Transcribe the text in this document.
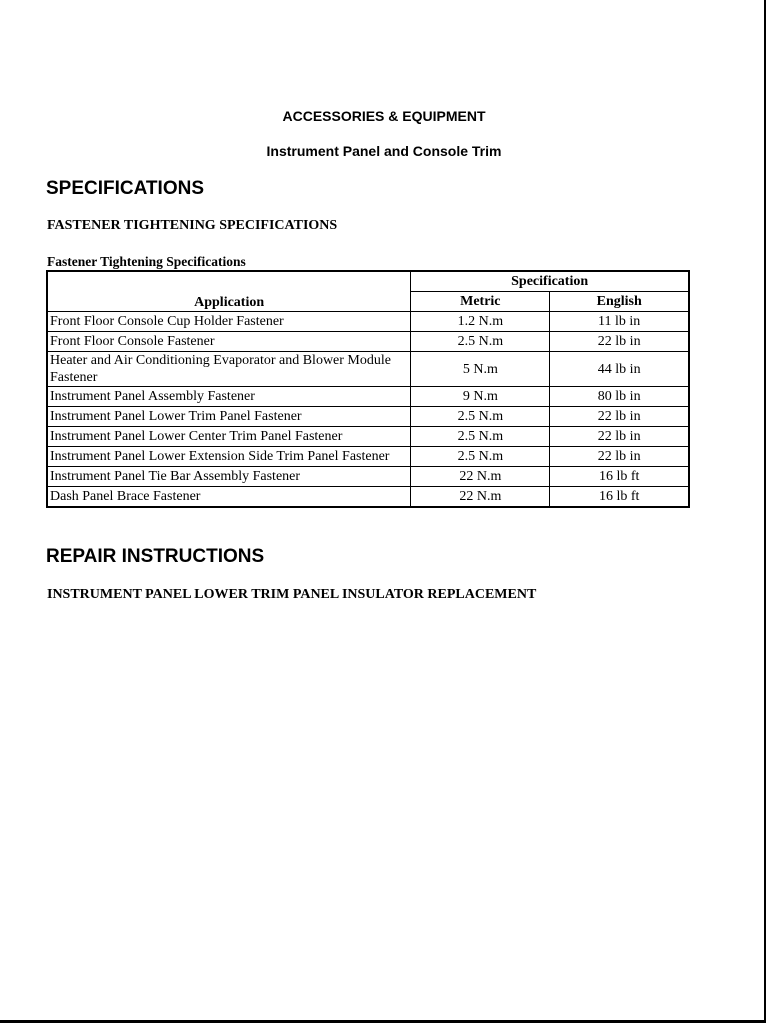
ACCESSORIES & EQUIPMENT
Instrument Panel and Console Trim
SPECIFICATIONS
FASTENER TIGHTENING SPECIFICATIONS
Fastener Tightening Specifications
Application	Specification	
	Metric	English
Front Floor Console Cup Holder Fastener	1.2 N.m	11 lb in
Front Floor Console Fastener	2.5 N.m	22 lb in
Heater and Air Conditioning Evaporator and Blower Module Fastener	5 N.m	44 lb in
Instrument Panel Assembly Fastener	9 N.m	80 lb in
Instrument Panel Lower Trim Panel Fastener	2.5 N.m	22 lb in
Instrument Panel Lower Center Trim Panel Fastener	2.5 N.m	22 lb in
Instrument Panel Lower Extension Side Trim Panel Fastener	2.5 N.m	22 lb in
Instrument Panel Tie Bar Assembly Fastener	22 N.m	16 lb ft
Dash Panel Brace Fastener	22 N.m	16 lb ft
REPAIR INSTRUCTIONS
INSTRUMENT PANEL LOWER TRIM PANEL INSULATOR REPLACEMENT
